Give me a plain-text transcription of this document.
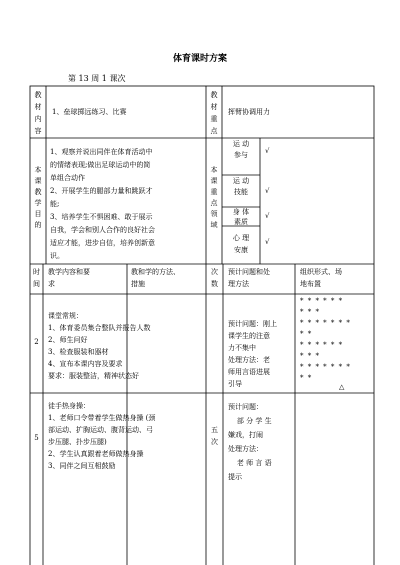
体育课时方案
第 13 周 1 课次
教
材
内
容
1、垒球掷远练习、比赛
教
材
重
点
挥臂协调用力
本
课
教
学
目
的
1、观察并说出同伴在体育活动中
的情绪表现;做出足球运动中的简
单组合动作
2、开展学生的腿部力量和跳跃才
能;
3、培养学生不惧困难、敢于展示
自我，学会和别人合作的良好社会
适应才能，进步自信，培养创新意
识。
本
课
重
点
领
域
运 动
参与	√
运 动
技能	√
身 体
素质
√
心 理
安康
√
时
间
教学内容和要
求
教和学的方法、
措施
次
数
预计问题和处
理方法
组织形式、场
地布置
2
课堂常规：
1、体育委员集合整队并报告人数
2、师生问好
3、检查服装和器材
4、宣布本课内容及要求
要求：服装整洁，精神状态好
预计问题：刚上
课学生的注意
力不集中
处理方法：老
师用言语进展
引导
* * * * * *
* * *
* * * * * * *
* *
* * * * * *
* * *
* * * * * * *
* *
△
5
徒手热身操：
1、老师口令带着学生做热身操 (颈
部运动、扩胸运动、腹背运动、弓
步压腿、扑步压腿)
2、学生认真跟着老师做热身操
3、同伴之间互相鼓励
五
次
预计问题：
部 分 学 生
嫌戏，打闹
处理方法：
老 师 言 语
提示
